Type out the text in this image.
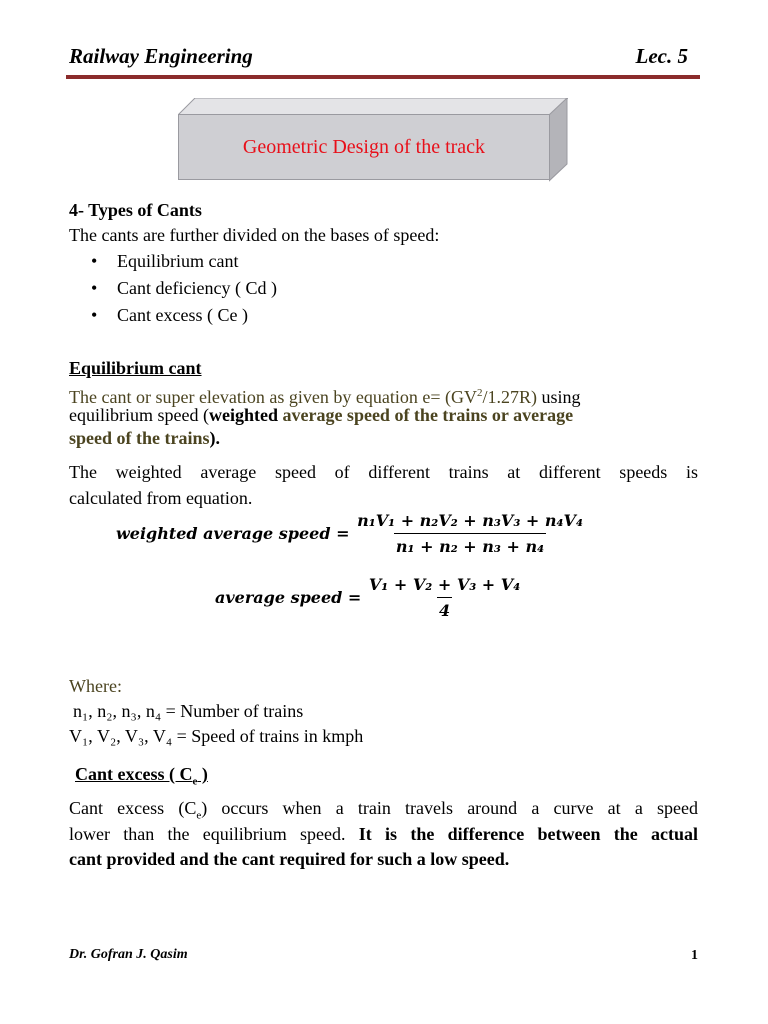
Railway Engineering	Lec. 5
Geometric Design of the track
4- Types of Cants
The cants are further divided on the bases of speed:
• Equilibrium cant
• Cant deficiency ( Cd )
• Cant excess ( Ce )
Equilibrium cant
The cant or super elevation as given by equation $e= (GV^2/1.27R)$ using
equilibrium speed (weighted average speed of the trains or average
speed of the trains).
The weighted average speed of different trains at different speeds is
calculated from equation.
weighted average speed = $\frac{\text{n₁V₁ + n₂V₂ + n₃V₃ + n₄V₄}}{\text{n₁ + n₂ + n₃ + n₄}}$
average speed = $\frac{\text{V₁ + V₂ + V₃ + V₄}}{4}$
Where:
n₁, n₂, n₃, n₄ = Number of trains
V₁, V₂, V₃, V₄ = Speed of trains in kmph
Cant excess ( $C_e$ )
Cant excess $(C_e)$ occurs when a train travels around a curve at a speed
lower than the equilibrium speed. It is the difference between the actual
cant provided and the cant required for such a low speed.
Dr. Gofran J. Qasim	1
